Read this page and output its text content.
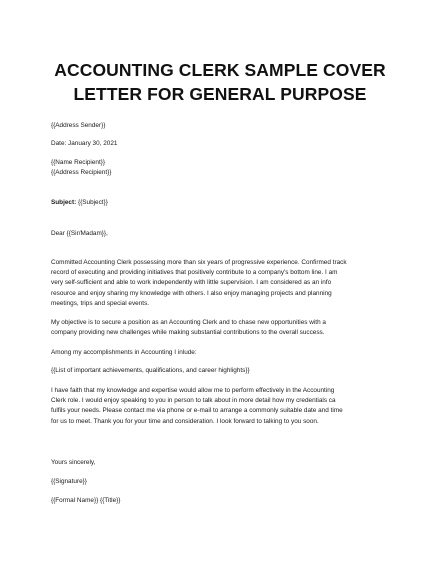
ACCOUNTING CLERK SAMPLE COVER
LETTER FOR GENERAL PURPOSE
{{Address Sender}}
Date: January 30, 2021
{{Name Recipient}}
{{Address Recipient}}
Subject: {{Subject}}
Dear {{Sir/Madam}},
Committed Accounting Clerk possessing more than six years of progressive experience. Confirmed track
record of executing and providing initiatives that positively contribute to a company's bottom line. I am
very self-sufficient and able to work independently with little supervision. I am considered as an info
resource and enjoy sharing my knowledge with others. I also enjoy managing projects and planning
meetings, trips and special events.
My objective is to secure a position as an Accounting Clerk and to chase new opportunities with a
company providing new challenges while making substantial contributions to the overall success.
Among my accomplishments in Accounting I inlude:
{{List of important achievements, qualifications, and career highlights}}
I have faith that my knowledge and expertise would allow me to perform effectively in the Accounting
Clerk role. I would enjoy speaking to you in person to talk about in more detail how my credentials ca
fulfils your needs. Please contact me via phone or e-mail to arrange a commonly suitable date and time
for us to meet. Thank you for your time and consideration. I look forward to talking to you soon.
Yours sincerely,
{{Signature}}
{{Formal Name}} {{Title}}
